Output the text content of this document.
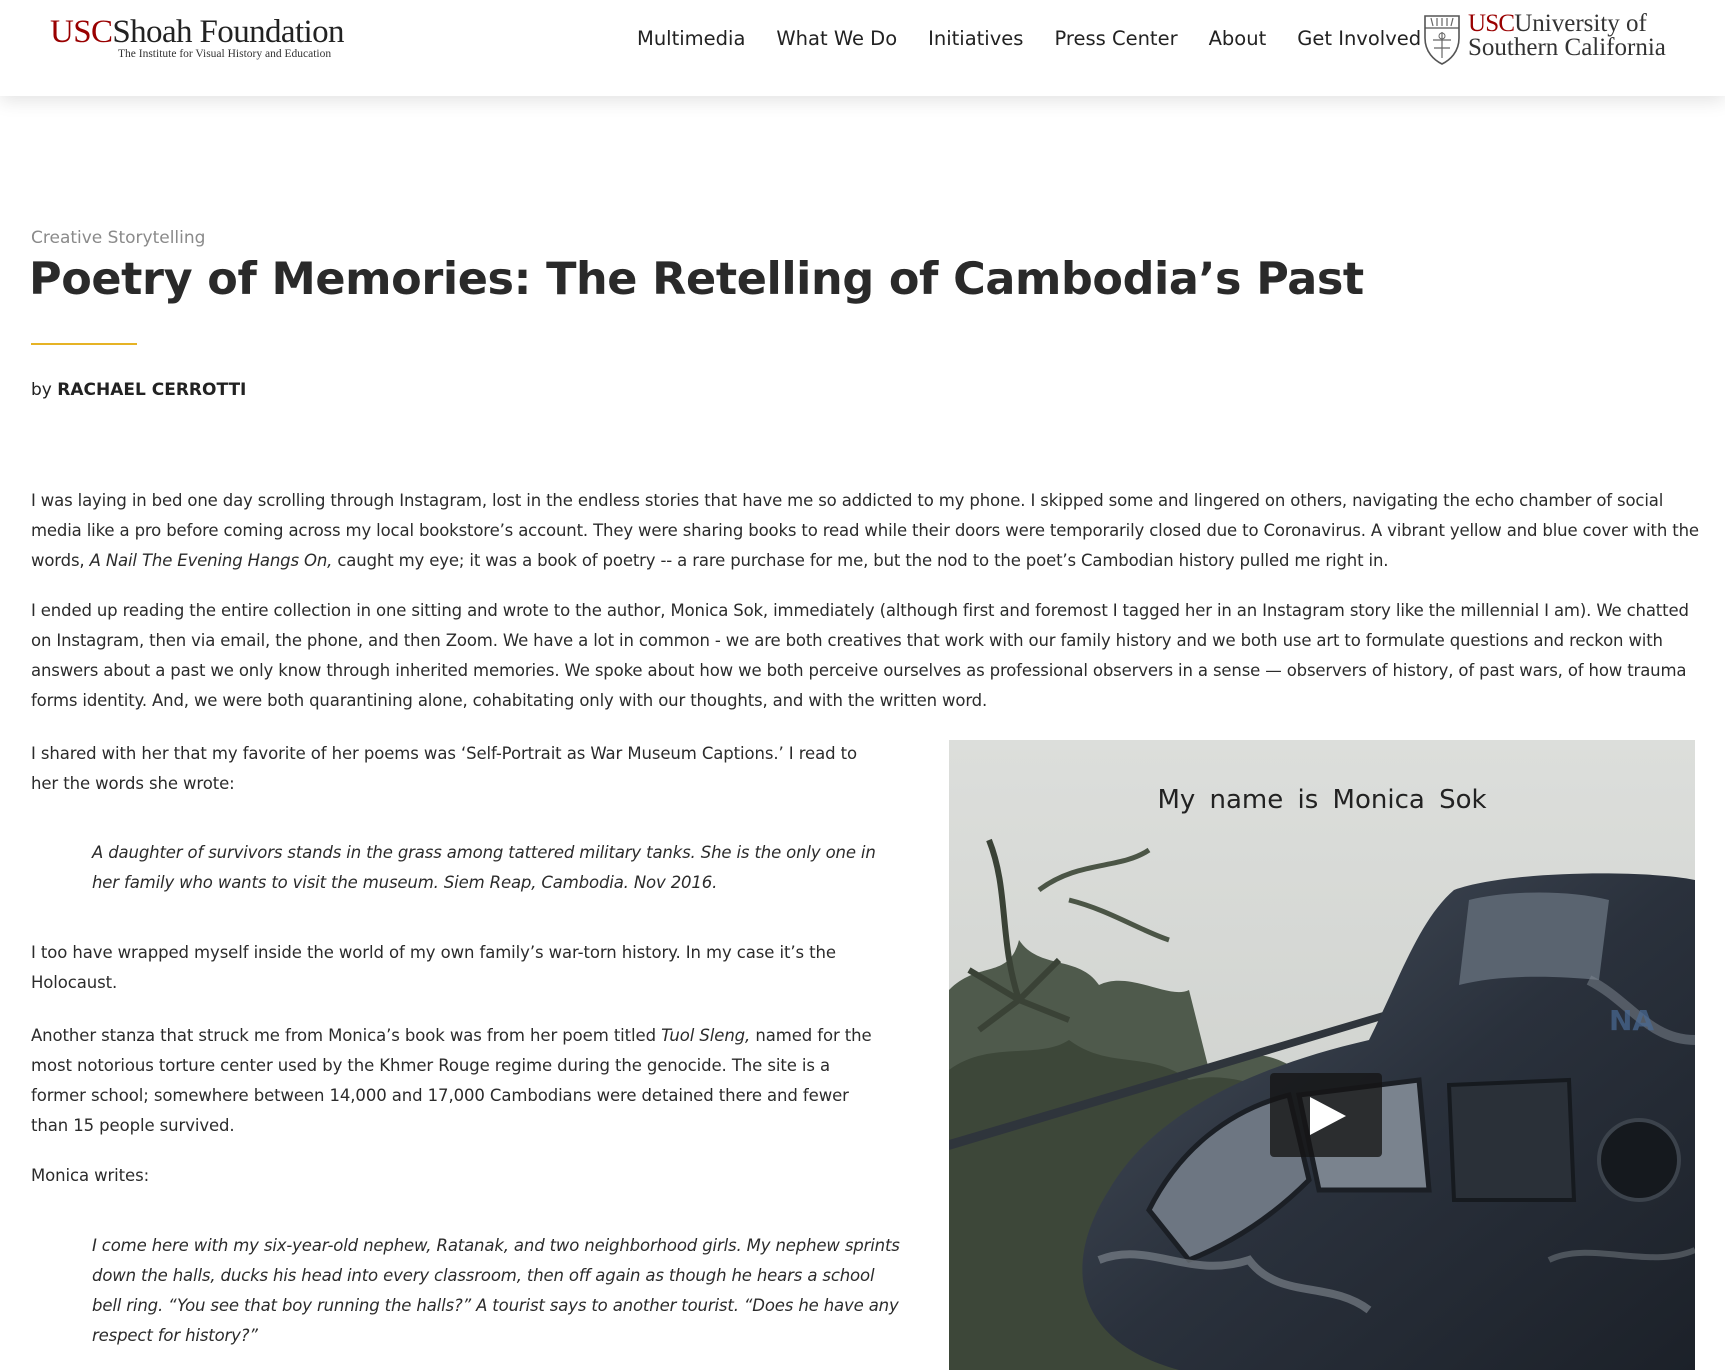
USCShoah Foundation
The Institute for Visual History and Education
Multimedia What We Do Initiatives Press Center About Get Involved
USCUniversity of
Southern California
Creative Storytelling
Poetry of Memories: The Retelling of Cambodia’s Past
by RACHAEL CERROTTI

I was laying in bed one day scrolling through Instagram, lost in the endless stories that have me so addicted to my phone. I skipped some and lingered on others, navigating the echo chamber of social media like a pro before coming across my local bookstore’s account. They were sharing books to read while their doors were temporarily closed due to Coronavirus. A vibrant yellow and blue cover with the words, A Nail The Evening Hangs On, caught my eye; it was a book of poetry -- a rare purchase for me, but the nod to the poet’s Cambodian history pulled me right in.

I ended up reading the entire collection in one sitting and wrote to the author, Monica Sok, immediately (although first and foremost I tagged her in an Instagram story like the millennial I am). We chatted on Instagram, then via email, the phone, and then Zoom. We have a lot in common - we are both creatives that work with our family history and we both use art to formulate questions and reckon with answers about a past we only know through inherited memories. We spoke about how we both perceive ourselves as professional observers in a sense — observers of history, of past wars, of how trauma forms identity. And, we were both quarantining alone, cohabitating only with our thoughts, and with the written word.

I shared with her that my favorite of her poems was ‘Self-Portrait as War Museum Captions.’ I read to her the words she wrote:

A daughter of survivors stands in the grass among tattered military tanks. She is the only one in her family who wants to visit the museum. Siem Reap, Cambodia. Nov 2016.

I too have wrapped myself inside the world of my own family’s war-torn history. In my case it’s the Holocaust.

Another stanza that struck me from Monica’s book was from her poem titled Tuol Sleng, named for the most notorious torture center used by the Khmer Rouge regime during the genocide. The site is a former school; somewhere between 14,000 and 17,000 Cambodians were detained there and fewer than 15 people survived.

Monica writes:

I come here with my six-year-old nephew, Ratanak, and two neighborhood girls. My nephew sprints down the halls, ducks his head into every classroom, then off again as though he hears a school bell ring. “You see that boy running the halls?” A tourist says to another tourist. “Does he have any respect for history?”
NA
My name is Monica Sok
